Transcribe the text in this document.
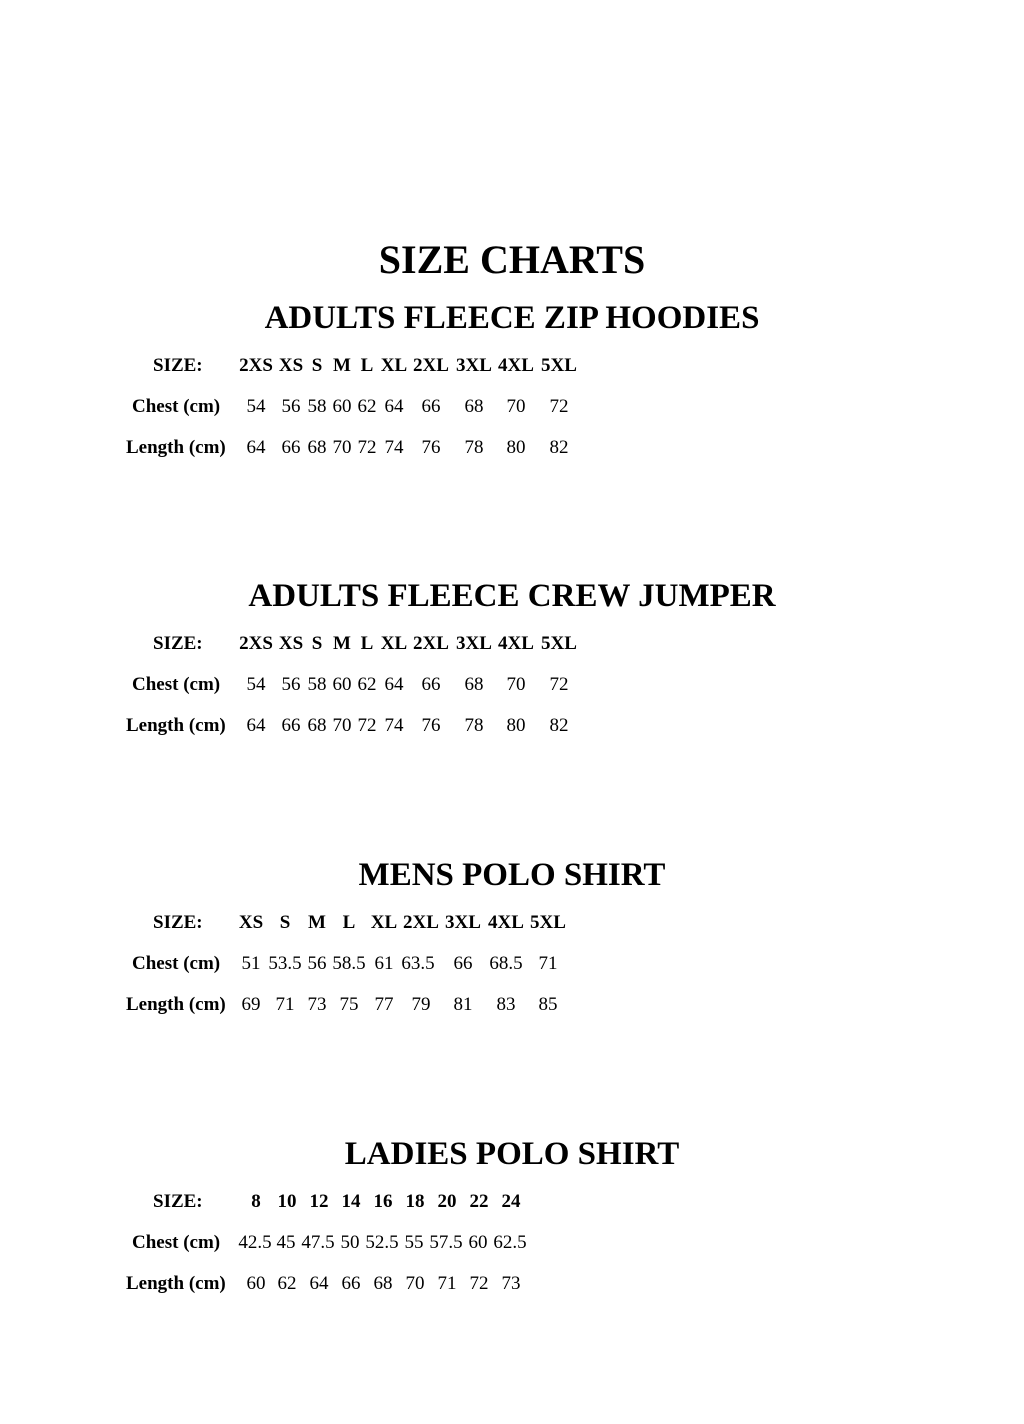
SIZE CHARTS
ADULTS FLEECE ZIP HOODIES
SIZE: 2XS XS S M L XL 2XL 3XL 4XL 5XL
Chest (cm) 54 56 58 60 62 64 66 68 70 72
Length (cm) 64 66 68 70 72 74 76 78 80 82
ADULTS FLEECE CREW JUMPER
SIZE: 2XS XS S M L XL 2XL 3XL 4XL 5XL
Chest (cm) 54 56 58 60 62 64 66 68 70 72
Length (cm) 64 66 68 70 72 74 76 78 80 82
MENS POLO SHIRT
SIZE: XS S M L XL 2XL 3XL 4XL 5XL
Chest (cm) 51 53.5 56 58.5 61 63.5 66 68.5 71
Length (cm) 69 71 73 75 77 79 81 83 85
LADIES POLO SHIRT
SIZE:	8 10 12 14 16 18 20 22 24
Chest (cm) 42.5 45 47.5 50 52.5 55 57.5 60 62.5
Length (cm) 60 62 64 66 68 70 71 72 73
